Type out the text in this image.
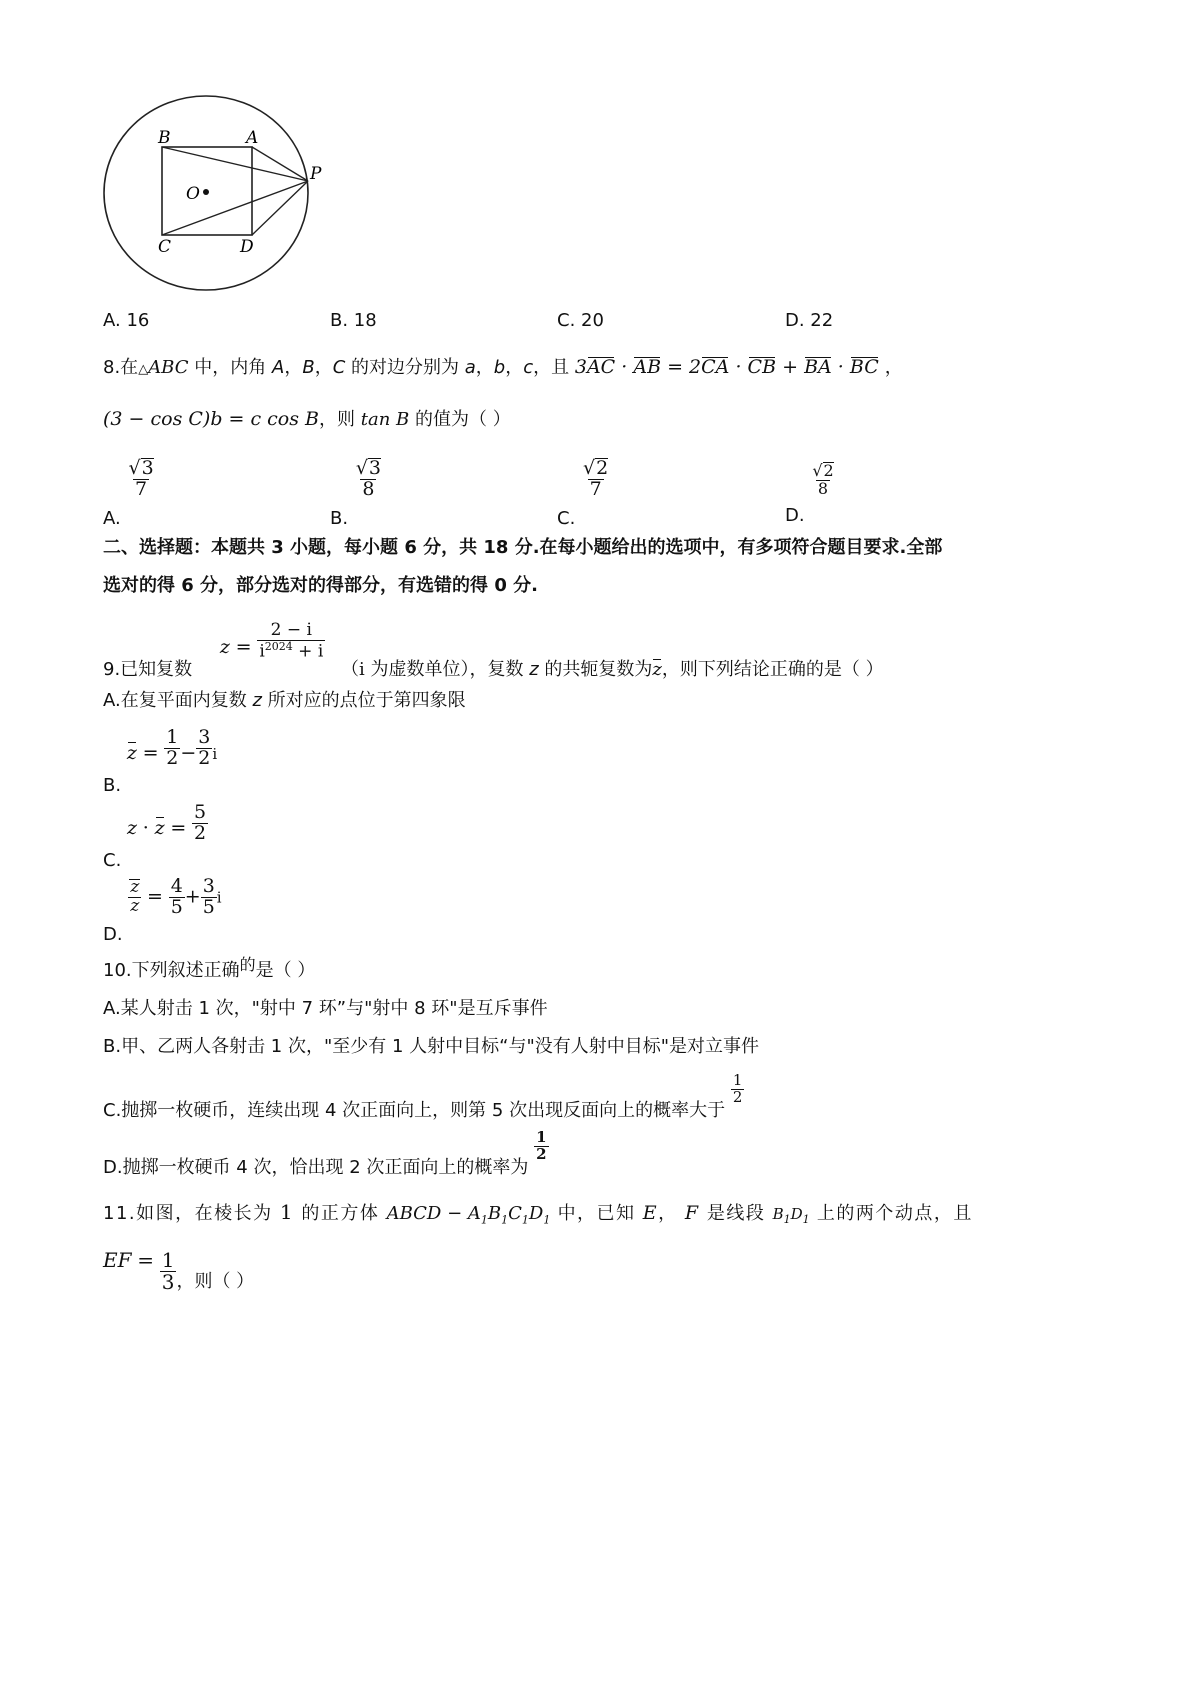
B	A
P
O
C	D
A. 16	B. 18	C. 20	D. 22
8.在△ABC 中，内角 A，B，C 的对边分别为 a，b，c，且 3AC · AB = 2CA · CB + BA · BC ，
(3 − cos C)b = c cos B，则 tan B 的值为（ ）
A.
$\frac{√3}{7}$
B.
$\frac{√3}{8}$
C.
$\frac{√2}{7}$
D.
$\frac{√2}{8}$
二、选择题：本题共 3 小题，每小题 6 分，共 18 分.在每小题给出的选项中，有多项符合题目要求.全部
选对的得 6 分，部分选对的得部分，有选错的得 0 分.
9.已知复数 $z = \frac{2 - i}{i^{2024} + i}$
（i 为虚数单位），复数 z 的共轭复数为z，则下列结论正确的是（ ）
A.在复平面内复数 z 所对应的点位于第四象限
B. $z = \frac{1}{2} - \frac{3}{2} _i$
C. $z \cdot z = \frac{5}{2}$
D.
$\frac{z}{z} = \frac{4}{5} + \frac{3}{5}$ i
10.下列叙述正确的是（ ）
A.某人射击 1 次，"射中 7 环”与"射中 8 环"是互斥事件
B.甲、乙两人各射击 1 次，"至少有 1 人射中目标“与"没有人射中目标"是对立事件
C.抛掷一枚硬币，连续出现 4 次正面向上，则第 5 次出现反面向上的概率大于
$\frac{1}{2}$
D.抛掷一枚硬币 4 次，恰出现 2 次正面向上的概率为
$\frac{1}{2}$
11.如图，在棱长为 1 的正方体 ABCD − $A_1B_1C_1D_1$ 中，已知 E， F 是线段 $B_1D_1$ 上的两个动点，且
EF = $\frac{1}{3}$ ，则（ ）
